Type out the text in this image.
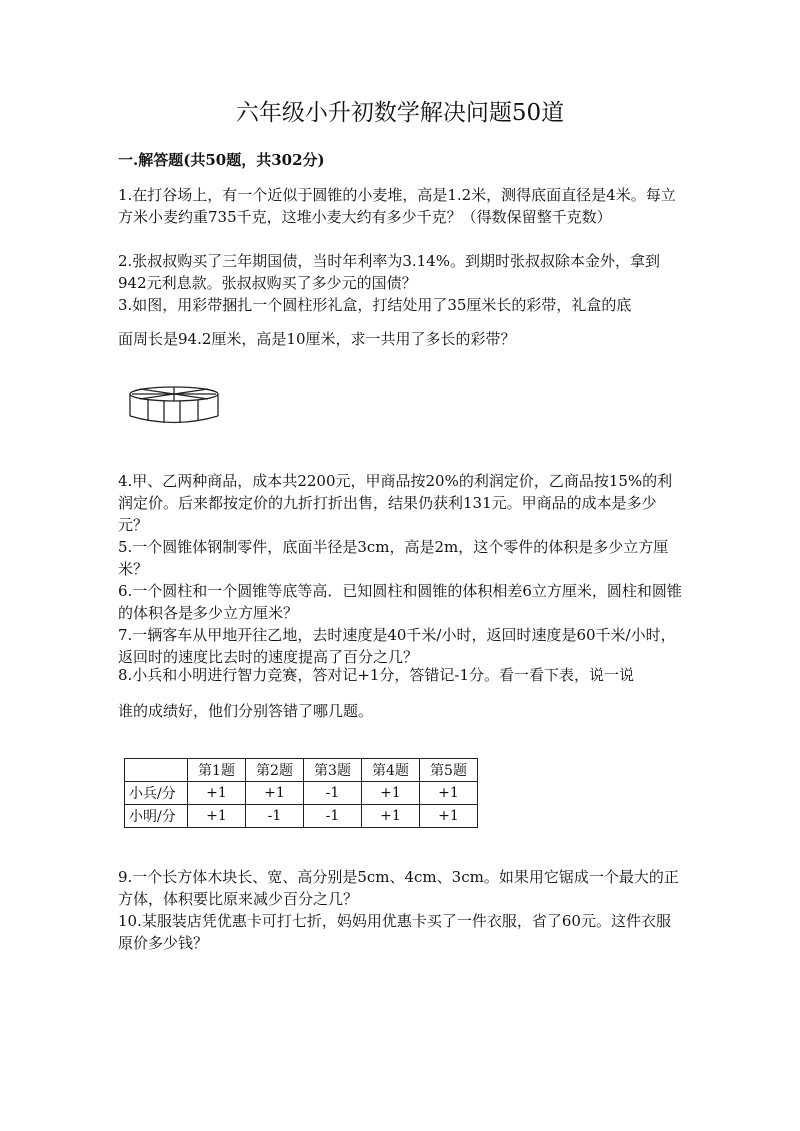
六年级小升初数学解决问题50道
一.解答题(共50题，共302分)

1.在打谷场上，有一个近似于圆锥的小麦堆，高是1.2米，测得底面直径是4米。每立方米小麦约重735千克，这堆小麦大约有多少千克？（得数保留整千克数）

2.张叔叔购买了三年期国债，当时年利率为3.14%。到期时张叔叔除本金外，拿到942元利息款。张叔叔购买了多少元的国债？

3.如图，用彩带捆扎一个圆柱形礼盒，打结处用了35厘米长的彩带，礼盒的底

面周长是94.2厘米，高是10厘米，求一共用了多长的彩带？

4.甲、乙两种商品，成本共2200元，甲商品按20%的利润定价，乙商品按15%的利润定价。后来都按定价的九折打折出售，结果仍获利131元。甲商品的成本是多少元？

5.一个圆锥体钢制零件，底面半径是3cm，高是2m，这个零件的体积是多少立方厘米？

6.一个圆柱和一个圆锥等底等高．已知圆柱和圆锥的体积相差6立方厘米，圆柱和圆锥的体积各是多少立方厘米？

7.一辆客车从甲地开往乙地，去时速度是40千米/小时，返回时速度是60千米/小时，返回时的速度比去时的速度提高了百分之几？

8.小兵和小明进行智力竞赛，答对记+1分，答错记-1分。看一看下表，说一说

谁的成绩好，他们分别答错了哪几题。

	第1题	第2题	第3题	第4题	第5题
小兵/分	+1	+1	-1	+1	+1
小明/分	+1	-1	-1	+1	+1

9.一个长方体木块长、宽、高分别是5cm、4cm、3cm。如果用它锯成一个最大的正方体，体积要比原来减少百分之几？

10.某服装店凭优惠卡可打七折，妈妈用优惠卡买了一件衣服，省了60元。这件衣服原价多少钱？
